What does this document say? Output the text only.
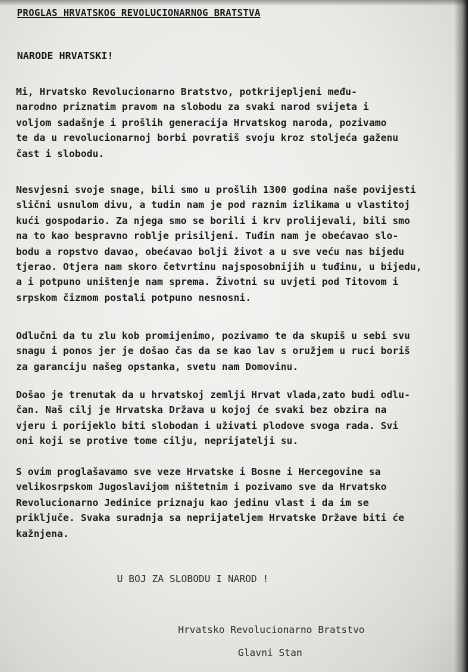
PROGLAS HRVATSKOG REVOLUCIONARNOG BRATSTVA
NARODE HRVATSKI!
Mi, Hrvatsko Revolucionarno Bratstvo, potkrijepljeni među-
narodno priznatim pravom na slobodu za svaki narod svijeta i
voljom sadašnje i prošlih generacija Hrvatskog naroda, pozivamo
te da u revolucionarnoj borbi povratiš svoju kroz stoljeća gaženu
čast i slobodu.
Nesvjesni svoje snage, bili smo u prošlih 1300 godina naše povijesti
slični usnulom divu, a tudin nam je pod raznim izlikama u vlastitoj
kući gospodario. Za njega smo se borili i krv prolijevali, bili smo
na to kao bespravno roblje prisiljeni. Tuđin nam je obećavao slo-
bodu a ropstvo davao, obećavao bolji život a u sve veću nas bijedu
tjerao. Otjera nam skoro četvrtinu najsposobnijih u tuđinu, u bijedu,
a i potpuno uništenje nam sprema. Životni su uvjeti pod Titovom i
srpskom čizmom postali potpuno nesnosni.
Odlučni da tu zlu kob promijenimo, pozivamo te da skupiš u sebi svu
snagu i ponos jer je došao čas da se kao lav s oružjem u ruci boriš
za garanciju našeg opstanka, svetu nam Domovinu.
Došao je trenutak da u hrvatskoj zemlji Hrvat vlada,zato budi odlu-
čan. Naš cilj je Hrvatska Država u kojoj će svaki bez obzira na
vjeru i porijeklo biti slobodan i uživati plodove svoga rada. Svi
oni koji se protive tome cilju, neprijatelji su.
S ovim proglašavamo sve veze Hrvatske i Bosne i Hercegovine sa
velikosrpskom Jugoslavijom ništetnim i pozivamo sve da Hrvatsko
Revolucionarno Jedinice priznaju kao jedinu vlast i da im se
priključe. Svaka suradnja sa neprijateljem Hrvatske Države biti će
kažnjena.
U BOJ ZA SLOBODU I NAROD !
Hrvatsko Revolucionarno Bratstvo
Glavni Stan
